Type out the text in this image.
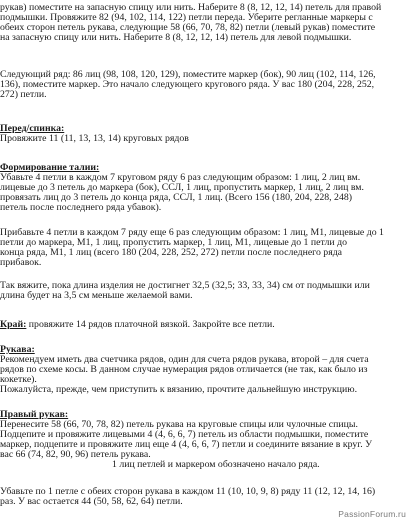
рукав) поместите на запасную спицу или нить. Наберите 8 (8, 12, 12, 14) петель для правой
подмышки. Провяжите 82 (94, 102, 114, 122) петли переда. Уберите регланные маркеры с
обеих сторон петель рукава, следующие 58 (66, 70, 78, 82) петли (левый рукав) поместите
на запасную спицу или нить. Наберите 8 (8, 12, 12, 14) петель для левой подмышки.
Следующий ряд: 86 лиц (98, 108, 120, 129), поместите маркер (бок), 90 лиц (102, 114, 126,
136), поместите маркер. Это начало следующего кругового ряда. У вас 180 (204, 228, 252,
272) петли.
Перед/спинка:
Провяжите 11 (11, 13, 13, 14) круговых рядов
Формирование талии:
Убавьте 4 петли в каждом 7 круговом ряду 6 раз следующим образом: 1 лиц, 2 лиц вм.
лицевые до 3 петель до маркера (бок), ССЛ, 1 лиц, пропустить маркер, 1 лиц, 2 лиц вм.
провязать лиц до 3 петель до конца ряда, ССЛ, 1 лиц. (Всего 156 (180, 204, 228, 248)
петель после последнего ряда убавок).
Прибавьте 4 петли в каждом 7 ряду еще 6 раз следующим образом: 1 лиц, М1, лицевые до 1
петли до маркера, М1, 1 лиц, пропустить маркер, 1 лиц, М1, лицевые до 1 петли до
конца ряда, М1, 1 лиц (всего 180 (204, 228, 252, 272) петли после последнего ряда
прибавок.
Так вяжите, пока длина изделия не достигнет 32,5 (32,5; 33, 33, 34) см от подмышки или
длина будет на 3,5 см меньше желаемой вами.
Край: провяжите 14 рядов платочной вязкой. Закройте все петли.
Рукава:
Рекомендуем иметь два счетчика рядов, один для счета рядов рукава, второй – для счета
рядов по схеме косы. В данном случае нумерация рядов отличается (не так, как было из
кокетке).
Пожалуйста, прежде, чем приступить к вязанию, прочтите дальнейшую инструкцию.
Правый рукав:
Перенесите 58 (66, 70, 78, 82) петель рукава на круговые спицы или чулочные спицы.
Подцепите и провяжите лицевыми 4 (4, 6, 6, 7) петель из области подмышки, поместите
маркер, подцепите и провяжите лиц еще 4 (4, 6, 6, 7) петли и соедините вязание в круг. У
вас 66 (74, 82, 90, 96) петель рукава.
1 лиц петлей и маркером обозначено начало ряда.
Убавьте по 1 петле с обеих сторон рукава в каждом 11 (10, 10, 9, 8) ряду 11 (12, 12, 14, 16)
раз. У вас остается 44 (50, 58, 62, 64) петли.
PassionForum.ru
